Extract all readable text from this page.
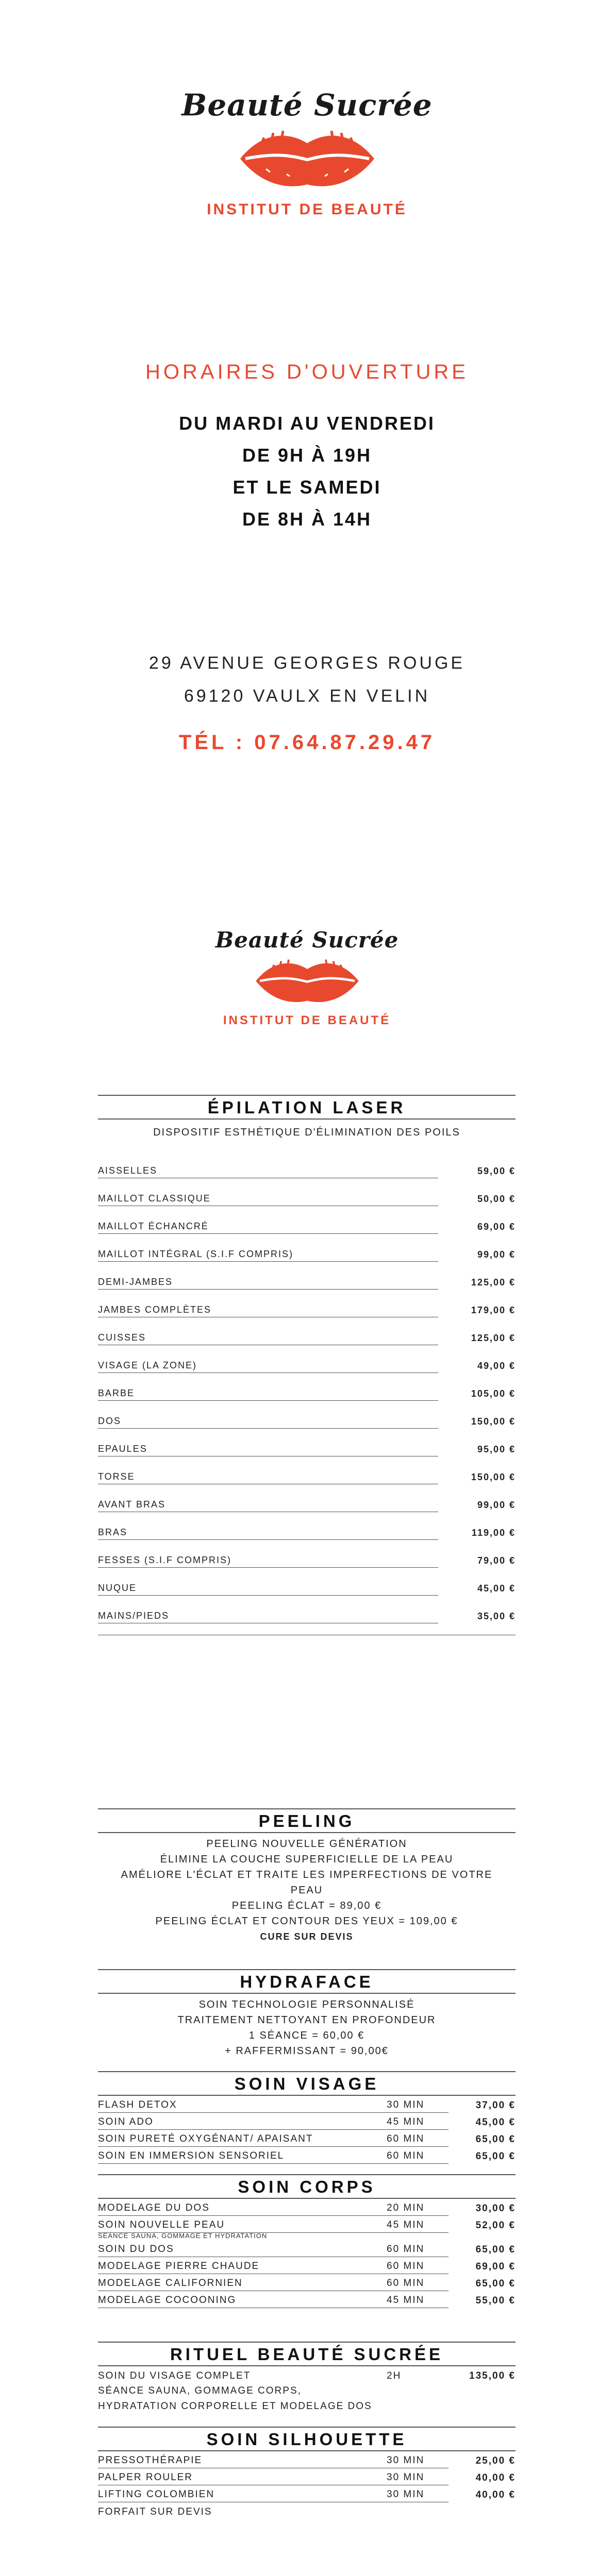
Beauté Sucrée
INSTITUT DE BEAUTÉ
HORAIRES D'OUVERTURE
DU MARDI AU VENDREDI
DE 9H À 19H
ET LE SAMEDI
DE 8H À 14H
29 AVENUE GEORGES ROUGE
69120 VAULX EN VELIN
TÉL : 07.64.87.29.47
Beauté Sucrée
INSTITUT DE BEAUTÉ
ÉPILATION LASER
DISPOSITIF ESTHÉTIQUE D'ÉLIMINATION DES POILS
AISSELLES	59,00 €
MAILLOT CLASSIQUE	50,00 €
MAILLOT ÉCHANCRÉ	69,00 €
MAILLOT INTÉGRAL (S.I.F COMPRIS)	99,00 €
DEMI-JAMBES	125,00 €
JAMBES COMPLÈTES	179,00 €
CUISSES	125,00 €
VISAGE (LA ZONE)	49,00 €
BARBE	105,00 €
DOS	150,00 €
EPAULES	95,00 €
TORSE	150,00 €
AVANT BRAS	99,00 €
BRAS	119,00 €
FESSES (S.I.F COMPRIS)	79,00 €
NUQUE	45,00 €
MAINS/PIEDS	35,00 €
PEELING
PEELING NOUVELLE GÉNÉRATION
ÉLIMINE LA COUCHE SUPERFICIELLE DE LA PEAU
AMÉLIORE L'ÉCLAT ET TRAITE LES IMPERFECTIONS DE VOTRE
PEAU
PEELING ÉCLAT = 89,00 €
PEELING ÉCLAT ET CONTOUR DES YEUX = 109,00 €
CURE SUR DEVIS
HYDRAFACE
SOIN TECHNOLOGIE PERSONNALISÉ
TRAITEMENT NETTOYANT EN PROFONDEUR
1 SÉANCE = 60,00 €
+ RAFFERMISSANT = 90,00€
SOIN VISAGE
FLASH DETOX	30 MIN	37,00 €
SOIN ADO	45 MIN	45,00 €
SOIN PURETÉ OXYGÉNANT/ APAISANT	60 MIN	65,00 €
SOIN EN IMMERSION SENSORIEL	60 MIN	65,00 €
SOIN CORPS
MODELAGE DU DOS	20 MIN	30,00 €
SOIN NOUVELLE PEAU	45 MIN	52,00 €
SÉANCE SAUNA, GOMMAGE ET HYDRATATION
SOIN DU DOS	60 MIN	65,00 €
MODELAGE PIERRE CHAUDE	60 MIN	69,00 €
MODELAGE CALIFORNIEN	60 MIN	65,00 €
MODELAGE COCOONING	45 MIN	55,00 €
RITUEL BEAUTÉ SUCRÉE
SOIN DU VISAGE COMPLET	2H	135,00 €
SÉANCE SAUNA, GOMMAGE CORPS,
HYDRATATION CORPORELLE ET MODELAGE DOS
SOIN SILHOUETTE
PRESSOTHÉRAPIE	30 MIN	25,00 €
PALPER ROULER	30 MIN	40,00 €
LIFTING COLOMBIEN	30 MIN	40,00 €
FORFAIT SUR DEVIS
